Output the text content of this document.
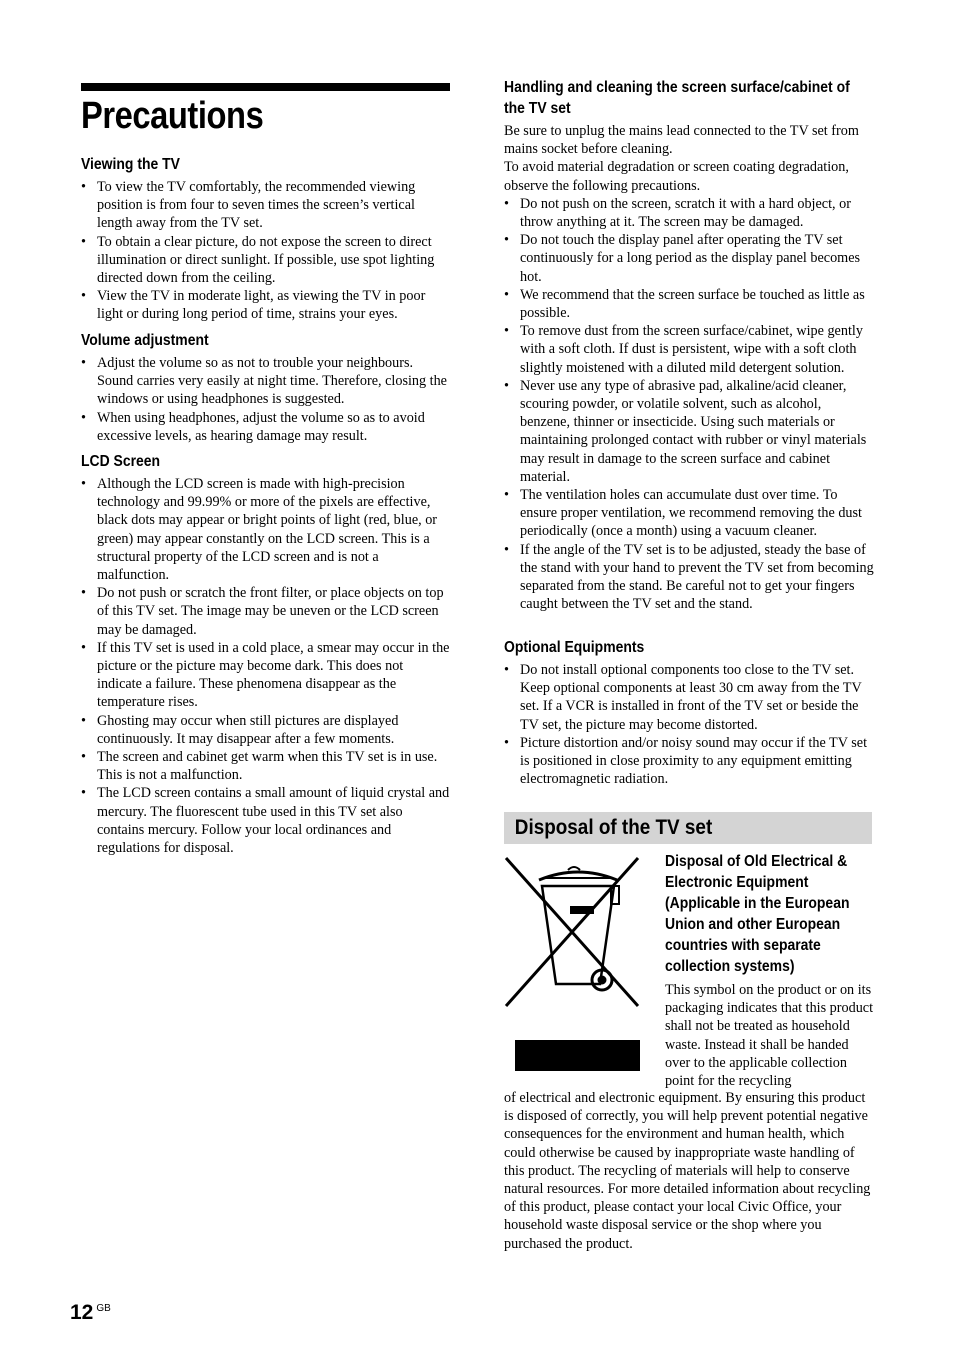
Precautions
Viewing the TV
• To view the TV comfortably, the recommended viewing position is from four to seven times the screen’s vertical length away from the TV set.
• To obtain a clear picture, do not expose the screen to direct illumination or direct sunlight. If possible, use spot lighting directed down from the ceiling.
• View the TV in moderate light, as viewing the TV in poor light or during long period of time, strains your eyes.
Volume adjustment
• Adjust the volume so as not to trouble your neighbours. Sound carries very easily at night time. Therefore, closing the windows or using headphones is suggested.
• When using headphones, adjust the volume so as to avoid excessive levels, as hearing damage may result.
LCD Screen
• Although the LCD screen is made with high-precision technology and 99.99% or more of the pixels are effective, black dots may appear or bright points of light (red, blue, or green) may appear constantly on the LCD screen. This is a structural property of the LCD screen and is not a malfunction.
• Do not push or scratch the front filter, or place objects on top of this TV set. The image may be uneven or the LCD screen may be damaged.
• If this TV set is used in a cold place, a smear may occur in the picture or the picture may become dark. This does not indicate a failure. These phenomena disappear as the temperature rises.
• Ghosting may occur when still pictures are displayed continuously. It may disappear after a few moments.
• The screen and cabinet get warm when this TV set is in use. This is not a malfunction.
• The LCD screen contains a small amount of liquid crystal and mercury. The fluorescent tube used in this TV set also contains mercury. Follow your local ordinances and regulations for disposal.
Handling and cleaning the screen surface/cabinet of
the TV set

Be sure to unplug the mains lead connected to the TV set from mains socket before cleaning.

To avoid material degradation or screen coating degradation, observe the following precautions.

• Do not push on the screen, scratch it with a hard object, or throw anything at it. The screen may be damaged.
• Do not touch the display panel after operating the TV set continuously for a long period as the display panel becomes hot.
• We recommend that the screen surface be touched as little as possible.
• To remove dust from the screen surface/cabinet, wipe gently with a soft cloth. If dust is persistent, wipe with a soft cloth slightly moistened with a diluted mild detergent solution.
• Never use any type of abrasive pad, alkaline/acid cleaner, scouring powder, or volatile solvent, such as alcohol, benzene, thinner or insecticide. Using such materials or maintaining prolonged contact with rubber or vinyl materials may result in damage to the screen surface and cabinet material.
• The ventilation holes can accumulate dust over time. To ensure proper ventilation, we recommend removing the dust periodically (once a month) using a vacuum cleaner.
• If the angle of the TV set is to be adjusted, steady the base of the stand with your hand to prevent the TV set from becoming separated from the stand. Be careful not to get your fingers caught between the TV set and the stand.
Optional Equipments
• Do not install optional components too close to the TV set. Keep optional components at least 30 cm away from the TV set. If a VCR is installed in front of the TV set or beside the TV set, the picture may become distorted.
• Picture distortion and/or noisy sound may occur if the TV set is positioned in close proximity to any equipment emitting electromagnetic radiation.
Disposal of the TV set
Disposal of Old Electrical & Electronic Equipment (Applicable in the European Union and other European countries with separate collection systems)

This symbol on the product or on its packaging indicates that this product shall not be treated as household waste. Instead it shall be handed over to the applicable collection point for the recycling

of electrical and electronic equipment. By ensuring this product is disposed of correctly, you will help prevent potential negative consequences for the environment and human health, which could otherwise be caused by inappropriate waste handling of this product. The recycling of materials will help to conserve natural resources. For more detailed information about recycling of this product, please contact your local Civic Office, your household waste disposal service or the shop where you purchased the product.

12 $^{GB}$
